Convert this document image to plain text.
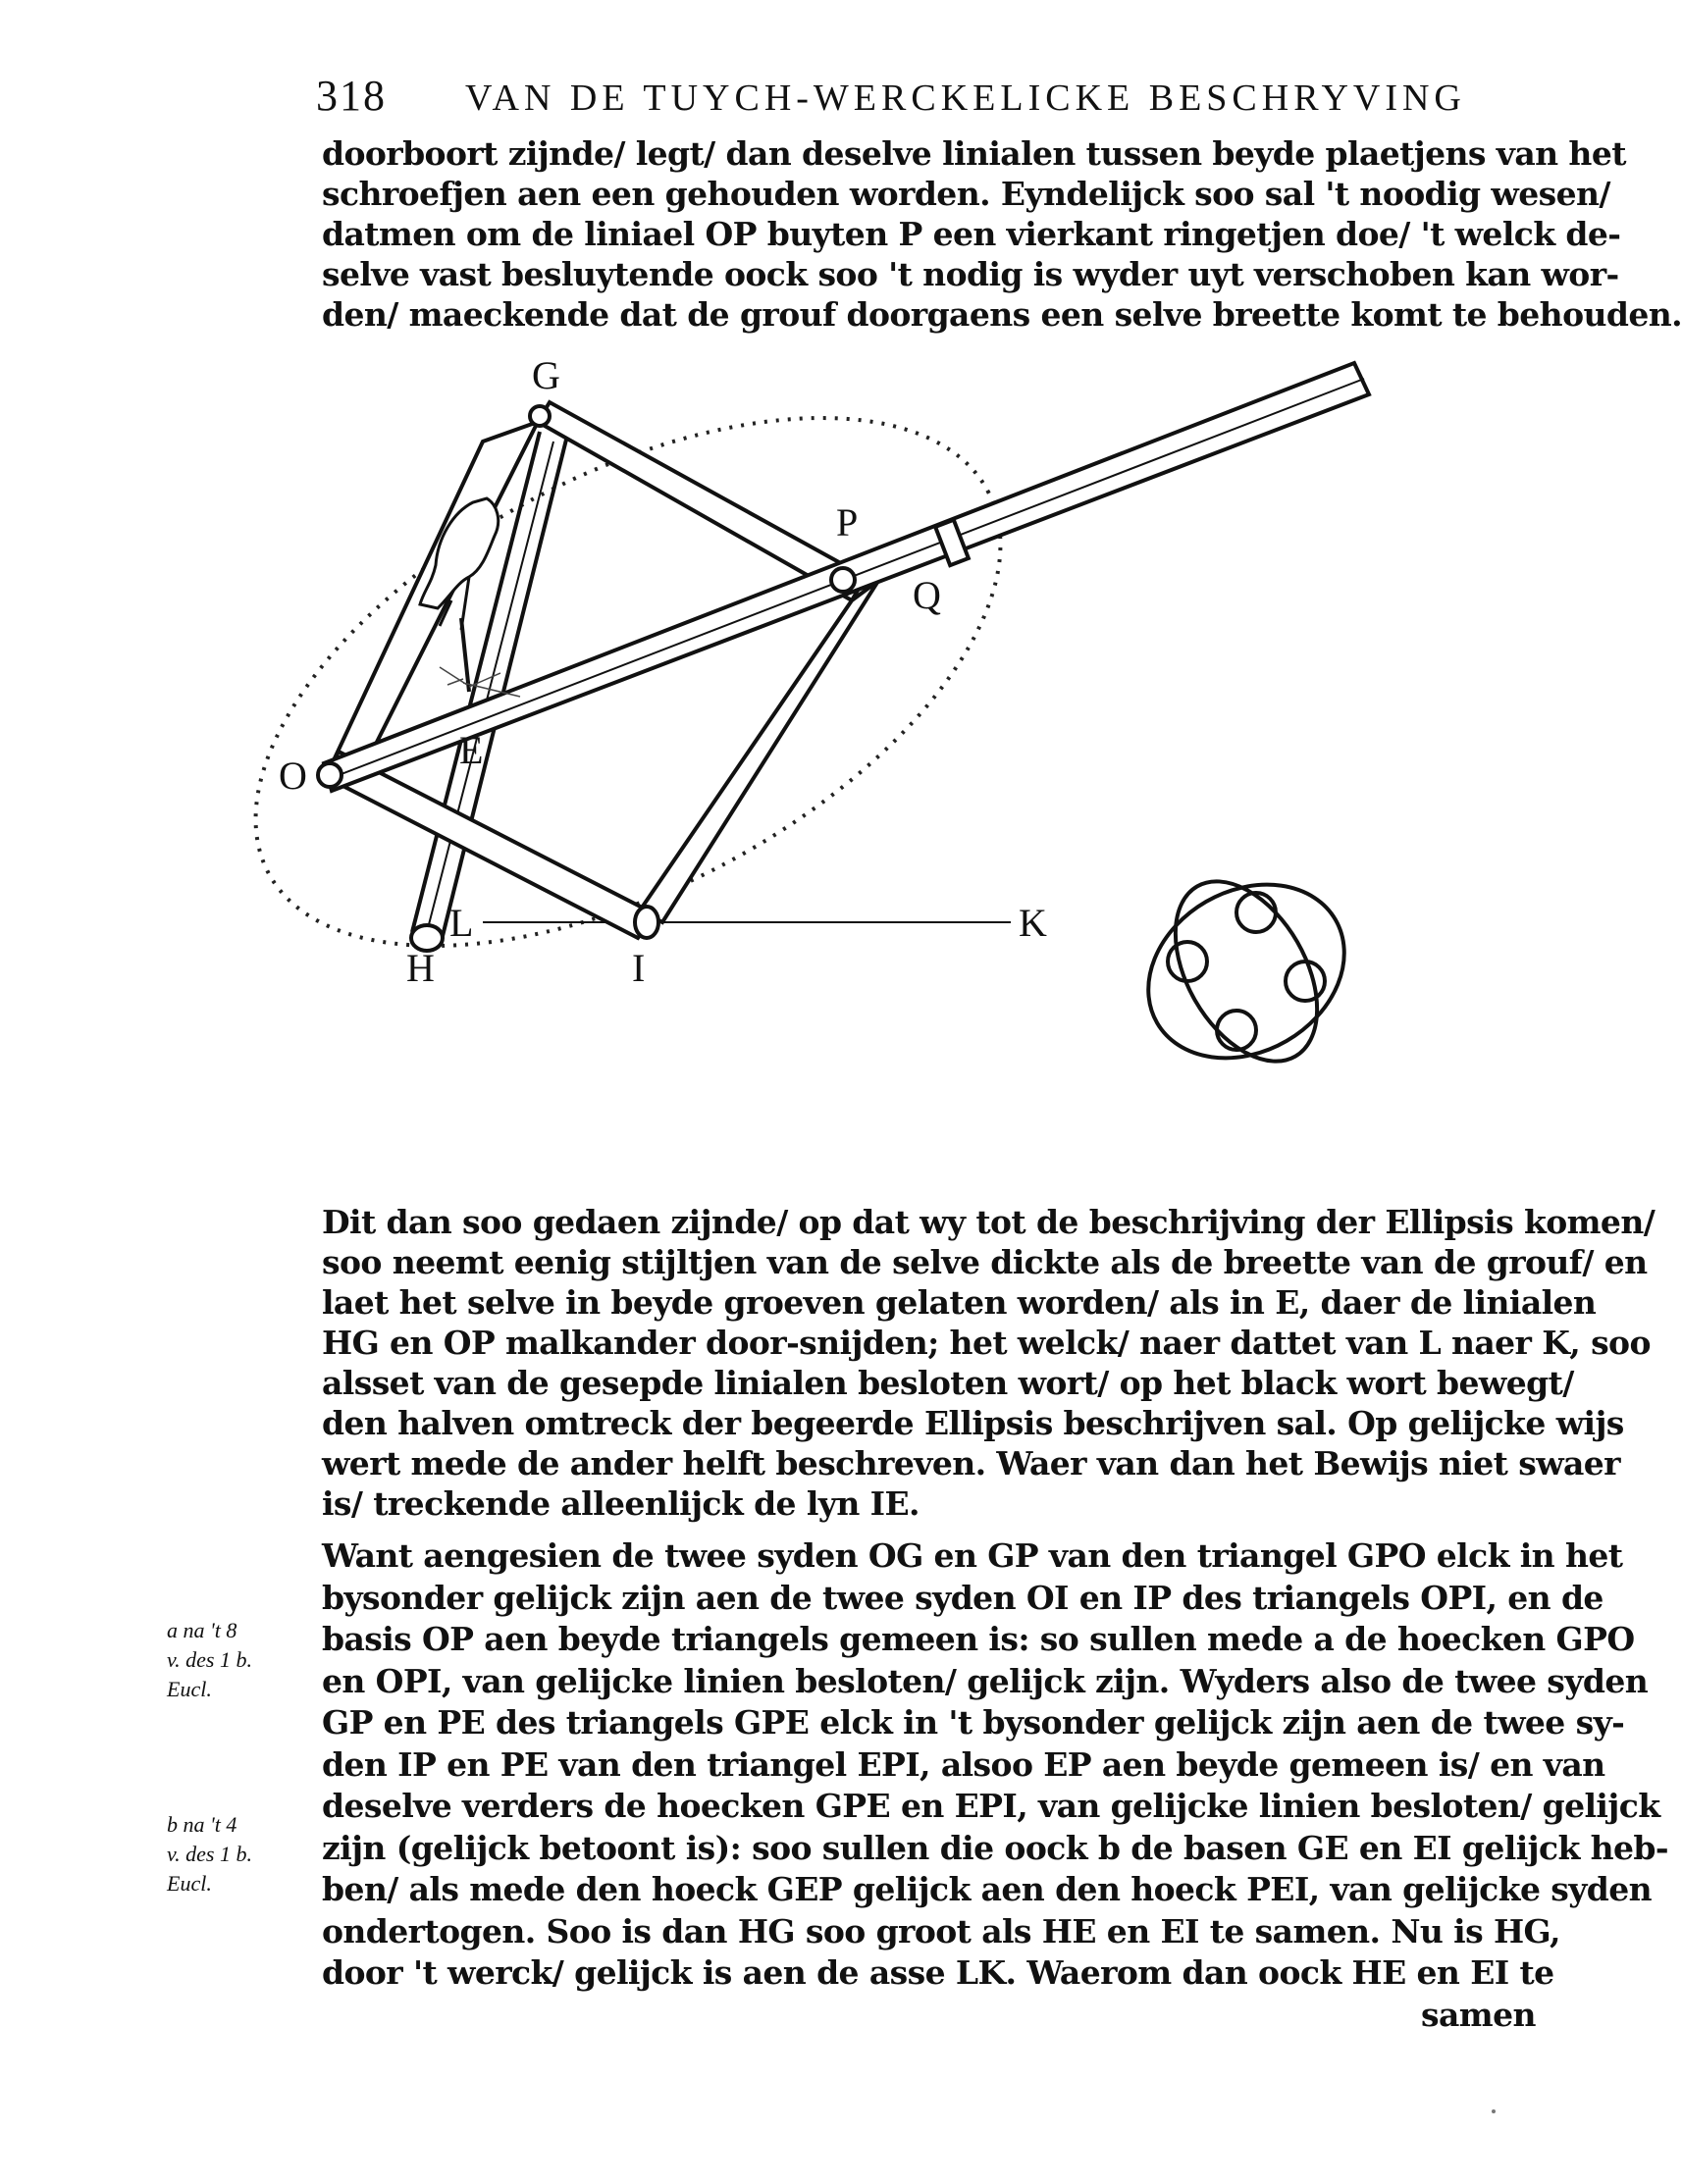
318 VAN DE TUYCH-WERCKELICKE BESCHRYVING
doorboort zijnde/ legt/ dan deselve linialen tussen beyde plaetjens van het
schroefjen aen een gehouden worden. Eyndelijck soo sal 't noodig wesen/
datmen om de liniael OP buyten P een vierkant ringetjen doe/ 't welck de-
selve vast besluytende oock soo 't nodig is wyder uyt verschoben kan wor-
den/ maeckende dat de grouf doorgaens een selve breette komt te behouden.
G
P
Q
O
E
L
H	I
K
Dit dan soo gedaen zijnde/ op dat wy tot de beschrijving der Ellipsis komen/
soo neemt eenig stijltjen van de selve dickte als de breette van de grouf/ en
laet het selve in beyde groeven gelaten worden/ als in E, daer de linialen
HG en OP malkander door-snijden; het welck/ naer dattet van L naer K, soo
alsset van de gesepde linialen besloten wort/ op het black wort bewegt/
den halven omtreck der begeerde Ellipsis beschrijven sal. Op gelijcke wijs
wert mede de ander helft beschreven. Waer van dan het Bewijs niet swaer
is/ treckende alleenlijck de lyn IE.
Want aengesien de twee syden OG en GP van den triangel GPO elck in het
bysonder gelijck zijn aen de twee syden OI en IP des triangels OPI, en de
basis OP aen beyde triangels gemeen is: so sullen mede a de hoecken GPO
en OPI, van gelijcke linien besloten/ gelijck zijn. Wyders also de twee syden
GP en PE des triangels GPE elck in 't bysonder gelijck zijn aen de twee sy-
den IP en PE van den triangel EPI, alsoo EP aen beyde gemeen is/ en van
deselve verders de hoecken GPE en EPI, van gelijcke linien besloten/ gelijck
zijn (gelijck betoont is): soo sullen die oock b de basen GE en EI gelijck heb-
ben/ als mede den hoeck GEP gelijck aen den hoeck PEI, van gelijcke syden
ondertogen. Soo is dan HG soo groot als HE en EI te samen. Nu is HG,
door 't werck/ gelijck is aen de asse LK. Waerom dan oock HE en EI te
samen
a na 't 8
v. des 1 b.
Eucl.
b na 't 4
v. des 1 b.
Eucl.
